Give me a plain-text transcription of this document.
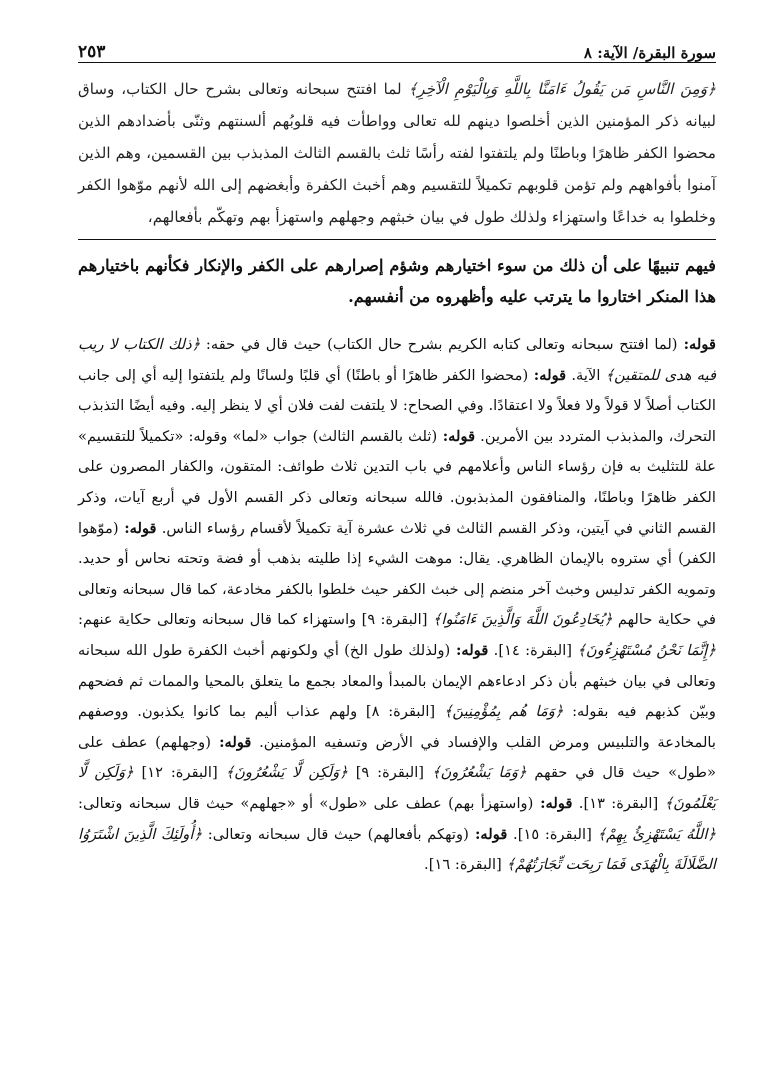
سورة البقرة/ الآية: ٨
٢٥٣

﴿وَمِنَ النَّاسِ مَن يَقُولُ ءَامَنَّا بِاللَّهِ وَبِالْيَوْمِ الْآخِرِ﴾ لما افتتح سبحانه وتعالى بشرح حال الكتاب، وساق لبيانه ذكر المؤمنين الذين أخلصوا دينهم لله تعالى وواطأت فيه قلوبُهم ألسنتهم وثنّى بأضدادهم الذين محضوا الكفر ظاهرًا وباطنًا ولم يلتفتوا لفته رأسًا ثلث بالقسم الثالث المذبذب بين القسمين، وهم الذين آمنوا بأفواههم ولم تؤمن قلوبهم تكميلاً للتقسيم وهم أخبث الكفرة وأبغضهم إلى الله لأنهم موّهوا الكفر وخلطوا به خداعًا واستهزاء ولذلك طول في بيان خبثهم وجهلهم واستهزأ بهم وتهكّم بأفعالهم،

فيهم تنبيهًا على أن ذلك من سوء اختيارهم وشؤم إصرارهم على الكفر والإنكار فكأنهم باختيارهم هذا المنكر اختاروا ما يترتب عليه وأظهروه من أنفسهم.

قوله: (لما افتتح سبحانه وتعالى كتابه الكريم بشرح حال الكتاب) حيث قال في حقه: ﴿ذلك الكتاب لا ريب فيه هدى للمتقين﴾ الآية. قوله: (محضوا الكفر ظاهرًا أو باطنًا) أي قلبًا ولسانًا ولم يلتفتوا إليه أي إلى جانب الكتاب أصلاً لا قولاً ولا فعلاً ولا اعتقادًا. وفي الصحاح: لا يلتفت لفت فلان أي لا ينظر إليه. وفيه أيضًا التذبذب التحرك، والمذبذب المتردد بين الأمرين. قوله: (ثلث بالقسم الثالث) جواب «لما» وقوله: «تكميلاً للتقسيم» علة للتثليث به فإن رؤساء الناس وأعلامهم في باب التدين ثلاث طوائف: المتقون، والكفار المصرون على الكفر ظاهرًا وباطنًا، والمنافقون المذبذبون. فالله سبحانه وتعالى ذكر القسم الأول في أربع آيات، وذكر القسم الثاني في آيتين، وذكر القسم الثالث في ثلاث عشرة آية تكميلاً لأقسام رؤساء الناس. قوله: (موّهوا الكفر) أي ستروه بالإيمان الظاهري. يقال: موهت الشيء إذا طليته بذهب أو فضة وتحته نحاس أو حديد. وتمويه الكفر تدليس وخبث آخر منضم إلى خبث الكفر حيث خلطوا بالكفر مخادعة، كما قال سبحانه وتعالى في حكاية حالهم ﴿يُخَادِعُونَ اللَّهَ وَالَّذِينَ ءَامَنُوا﴾ [البقرة: ٩] واستهزاء كما قال سبحانه وتعالى حكاية عنهم: ﴿إِنَّمَا نَحْنُ مُسْتَهْزِءُونَ﴾ [البقرة: ١٤]. قوله: (ولذلك طول الخ) أي ولكونهم أخبث الكفرة طول الله سبحانه وتعالى في بيان خبثهم بأن ذكر ادعاءهم الإيمان بالمبدأ والمعاد بجمع ما يتعلق بالمحيا والممات ثم فضحهم وبيّن كذبهم فيه بقوله: ﴿وَمَا هُم بِمُؤْمِنِينَ﴾ [البقرة: ٨] ولهم عذاب أليم بما كانوا يكذبون. ووصفهم بالمخادعة والتلبيس ومرض القلب والإفساد في الأرض وتسفيه المؤمنين. قوله: (وجهلهم) عطف على «طول» حيث قال في حقهم ﴿وَمَا يَشْعُرُونَ﴾ [البقرة: ٩] ﴿وَلَكِن لَّا يَشْعُرُونَ﴾ [البقرة: ١٢] ﴿وَلَكِن لَّا يَعْلَمُونَ﴾ [البقرة: ١٣]. قوله: (واستهزأ بهم) عطف على «طول» أو «جهلهم» حيث قال سبحانه وتعالى: ﴿اللَّهُ يَسْتَهْزِئُ بِهِمْ﴾ [البقرة: ١٥]. قوله: (وتهكم بأفعالهم) حيث قال سبحانه وتعالى: ﴿أُولَئِكَ الَّذِينَ اشْتَرَوُا الضَّلَالَةَ بِالْهُدَى فَمَا رَبِحَت تِّجَارَتُهُمْ﴾ [البقرة: ١٦].
